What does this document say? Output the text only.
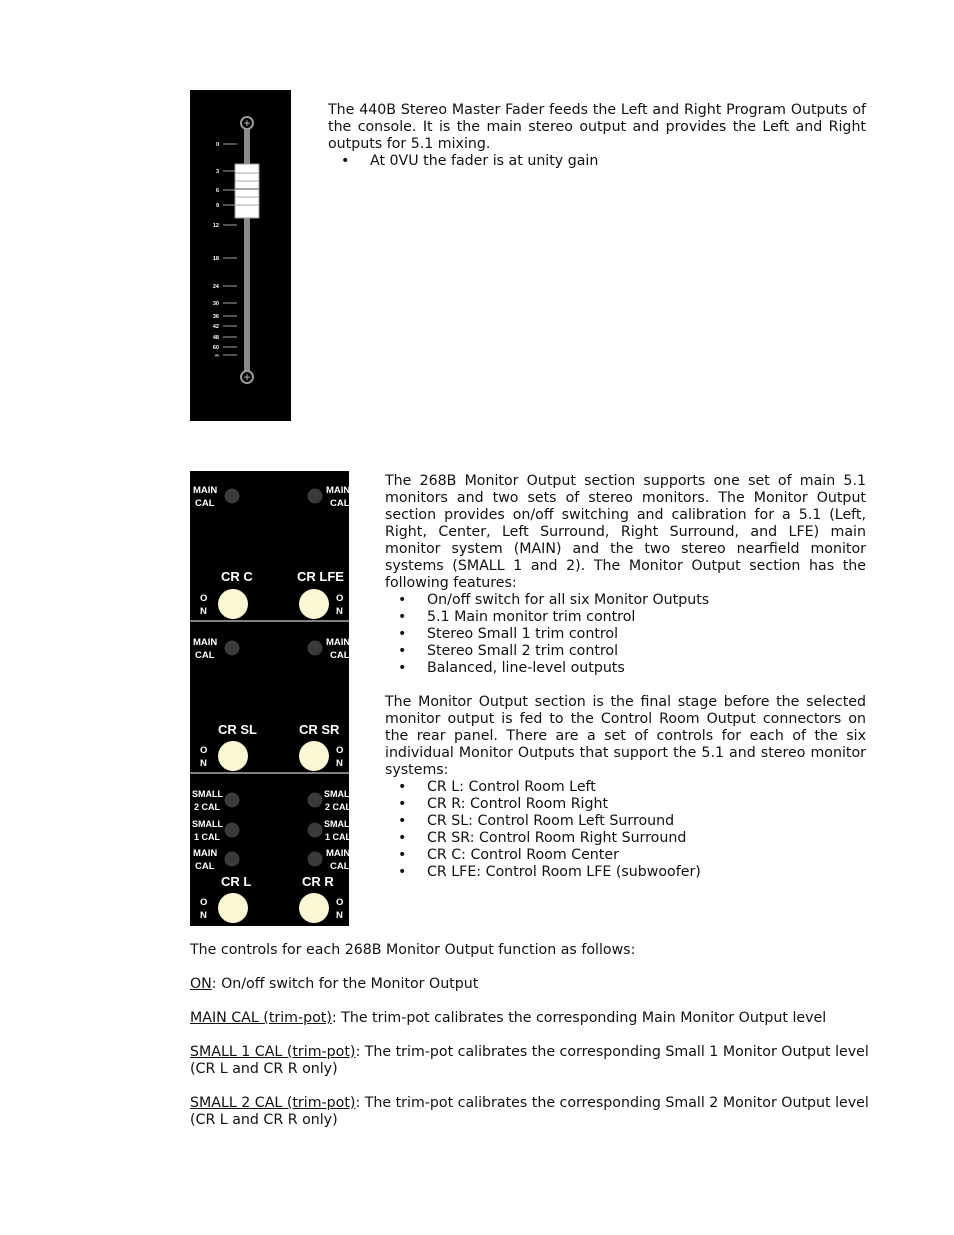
+
+
0
3
6
9
12
18
24
30
36
42
48
60
∞

The 440B Stereo Master Fader feeds the Left and Right Program Outputs of the console. It is the main stereo output and provides the Left and Right outputs for 5.1 mixing.

• At 0VU the fader is at unity gain
MAIN
CAL
MAIN
CAL
CR C	CR LFE
O
N
O
N
MAIN
CAL
MAIN
CAL
CR SL	CR SR
O
N
O
N
SMALL
2 CAL
SMALL
2 CAL
SMALL
1 CAL
SMALL
1 CAL
MAIN
CAL
MAIN
CAL
CR L	CR R
O
N
O
N

The 268B Monitor Output section supports one set of main 5.1 monitors and two sets of stereo monitors. The Monitor Output section provides on/off switching and calibration for a 5.1 (Left, Right, Center, Left Surround, Right Surround, and LFE) main monitor system (MAIN) and the two stereo nearfield monitor systems (SMALL 1 and 2). The Monitor Output section has the following features:

• On/off switch for all six Monitor Outputs
• 5.1 Main monitor trim control
• Stereo Small 1 trim control
• Stereo Small 2 trim control
• Balanced, line-level outputs

The Monitor Output section is the final stage before the selected monitor output is fed to the Control Room Output connectors on the rear panel. There are a set of controls for each of the six individual Monitor Outputs that support the 5.1 and stereo monitor systems:

• CR L: Control Room Left
• CR R: Control Room Right
• CR SL: Control Room Left Surround
• CR SR: Control Room Right Surround
• CR C: Control Room Center
• CR LFE: Control Room LFE (subwoofer)

The controls for each 268B Monitor Output function as follows:

ON: On/off switch for the Monitor Output

MAIN CAL (trim-pot): The trim-pot calibrates the corresponding Main Monitor Output level

SMALL 1 CAL (trim-pot): The trim-pot calibrates the corresponding Small 1 Monitor Output level (CR L and CR R only)

SMALL 2 CAL (trim-pot): The trim-pot calibrates the corresponding Small 2 Monitor Output level (CR L and CR R only)
